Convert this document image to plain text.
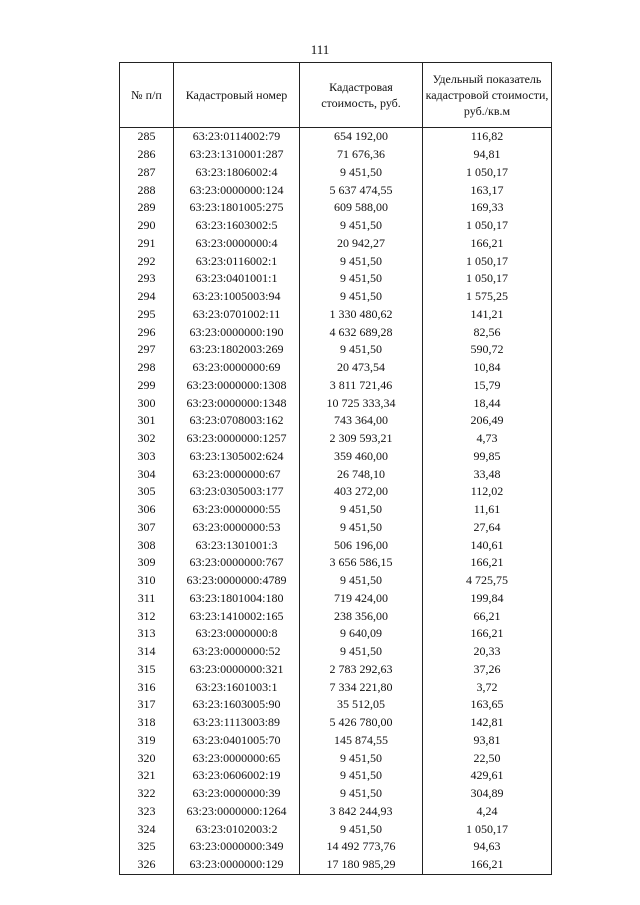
111
№ п/п	Кадастровый номер	Кадастровая стоимость, руб.	Удельный показатель кадастровой стоимости, руб./кв.м
285	63:23:0114002:79	654 192,00	116,82
286	63:23:1310001:287	71 676,36	94,81
287	63:23:1806002:4	9 451,50	1 050,17
288	63:23:0000000:124	5 637 474,55	163,17
289	63:23:1801005:275	609 588,00	169,33
290	63:23:1603002:5	9 451,50	1 050,17
291	63:23:0000000:4	20 942,27	166,21
292	63:23:0116002:1	9 451,50	1 050,17
293	63:23:0401001:1	9 451,50	1 050,17
294	63:23:1005003:94	9 451,50	1 575,25
295	63:23:0701002:11	1 330 480,62	141,21
296	63:23:0000000:190	4 632 689,28	82,56
297	63:23:1802003:269	9 451,50	590,72
298	63:23:0000000:69	20 473,54	10,84
299	63:23:0000000:1308	3 811 721,46	15,79
300	63:23:0000000:1348	10 725 333,34	18,44
301	63:23:0708003:162	743 364,00	206,49
302	63:23:0000000:1257	2 309 593,21	4,73
303	63:23:1305002:624	359 460,00	99,85
304	63:23:0000000:67	26 748,10	33,48
305	63:23:0305003:177	403 272,00	112,02
306	63:23:0000000:55	9 451,50	11,61
307	63:23:0000000:53	9 451,50	27,64
308	63:23:1301001:3	506 196,00	140,61
309	63:23:0000000:767	3 656 586,15	166,21
310	63:23:0000000:4789	9 451,50	4 725,75
311	63:23:1801004:180	719 424,00	199,84
312	63:23:1410002:165	238 356,00	66,21
313	63:23:0000000:8	9 640,09	166,21
314	63:23:0000000:52	9 451,50	20,33
315	63:23:0000000:321	2 783 292,63	37,26
316	63:23:1601003:1	7 334 221,80	3,72
317	63:23:1603005:90	35 512,05	163,65
318	63:23:1113003:89	5 426 780,00	142,81
319	63:23:0401005:70	145 874,55	93,81
320	63:23:0000000:65	9 451,50	22,50
321	63:23:0606002:19	9 451,50	429,61
322	63:23:0000000:39	9 451,50	304,89
323	63:23:0000000:1264	3 842 244,93	4,24
324	63:23:0102003:2	9 451,50	1 050,17
325	63:23:0000000:349	14 492 773,76	94,63
326	63:23:0000000:129	17 180 985,29	166,21
